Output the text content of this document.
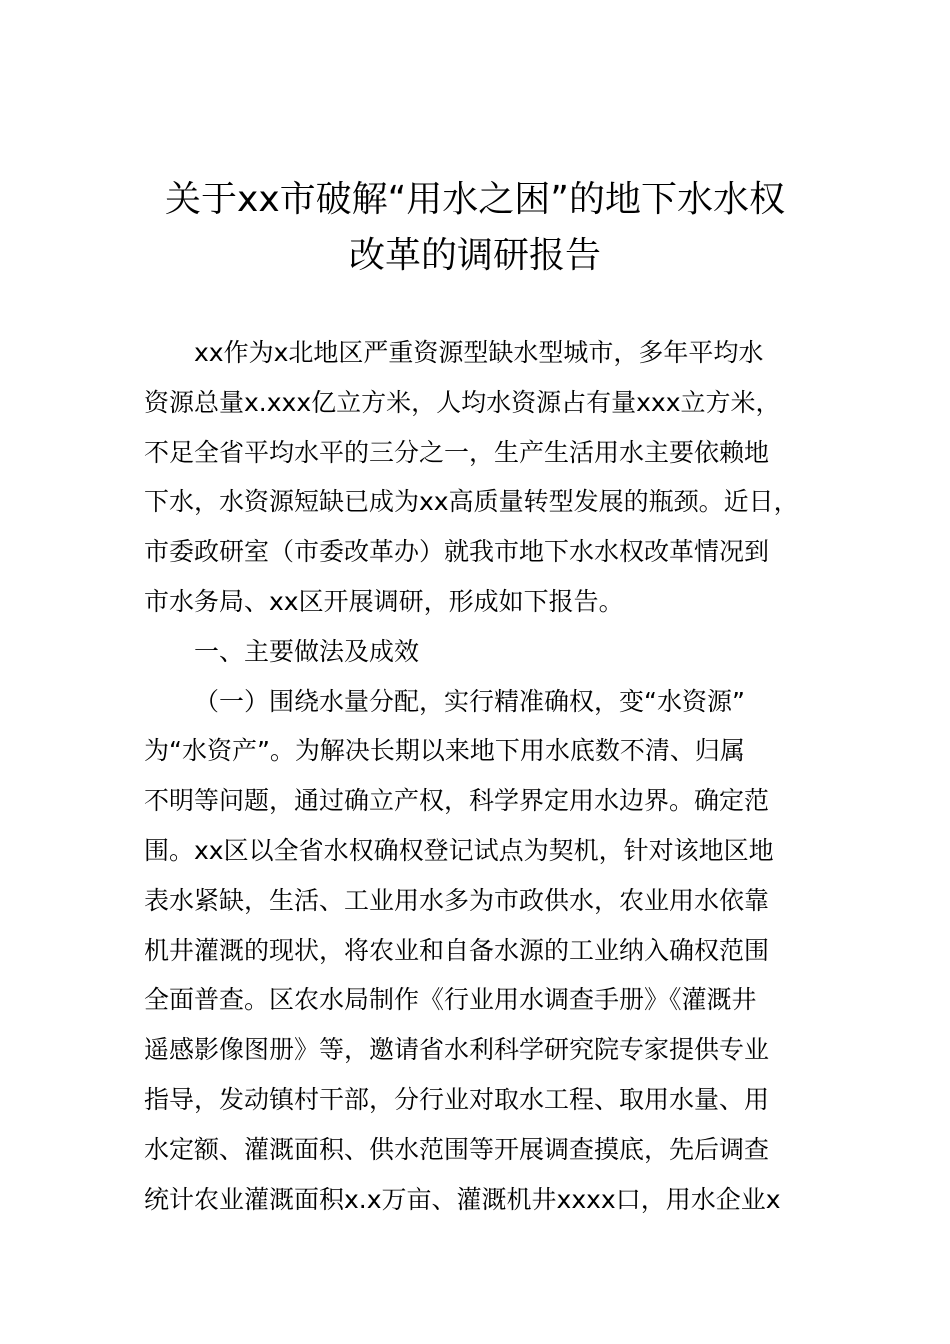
关于xx市破解“用水之困”的地下水水权
改革的调研报告
xx作为x北地区严重资源型缺水型城市，多年平均水
资源总量x.xxx亿立方米，人均水资源占有量xxx立方米，
不足全省平均水平的三分之一，生产生活用水主要依赖地
下水，水资源短缺已成为xx高质量转型发展的瓶颈。近日，
市委政研室（市委改革办）就我市地下水水权改革情况到
市水务局、xx区开展调研，形成如下报告。
一、主要做法及成效
（一）围绕水量分配，实行精准确权，变“水资源”
为“水资产”。为解决长期以来地下用水底数不清、归属
不明等问题，通过确立产权，科学界定用水边界。确定范
围。xx区以全省水权确权登记试点为契机，针对该地区地
表水紧缺，生活、工业用水多为市政供水，农业用水依靠
机井灌溉的现状，将农业和自备水源的工业纳入确权范围
全面普查。区农水局制作《行业用水调查手册》《灌溉井
遥感影像图册》等，邀请省水利科学研究院专家提供专业
指导，发动镇村干部，分行业对取水工程、取用水量、用
水定额、灌溉面积、供水范围等开展调查摸底，先后调查
统计农业灌溉面积x.x万亩、灌溉机井xxxx口，用水企业x
